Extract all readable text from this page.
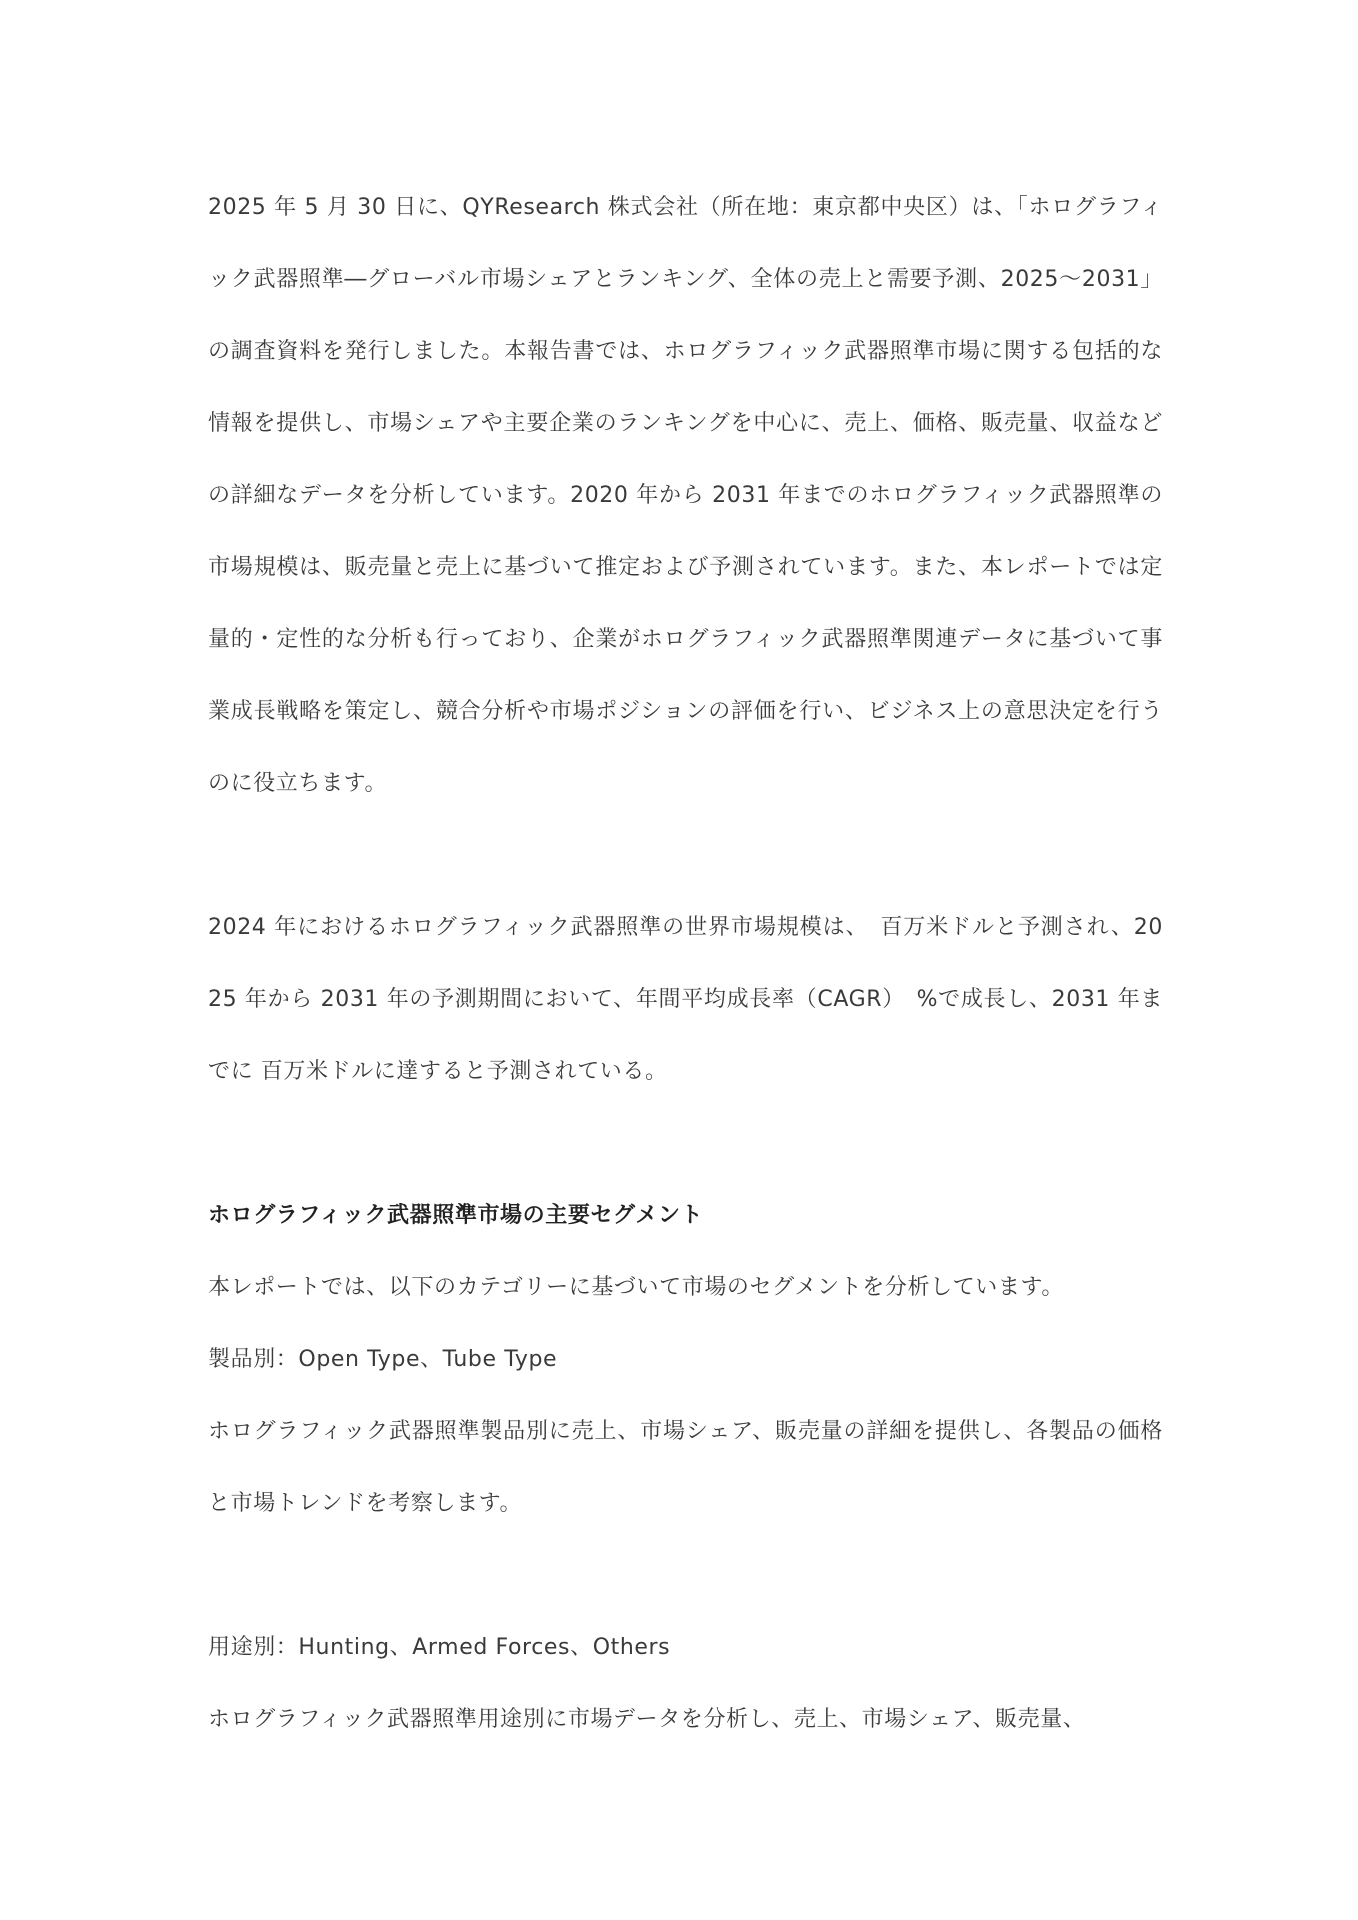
2025 年 5 月 30 日に、QYResearch 株式会社（所在地：東京都中央区）は、「ホログラフィック武器照準―グローバル市場シェアとランキング、全体の売上と需要予測、2025～2031」の調査資料を発行しました。本報告書では、ホログラフィック武器照準市場に関する包括的な情報を提供し、市場シェアや主要企業のランキングを中心に、売上、価格、販売量、収益などの詳細なデータを分析しています。2020 年から 2031 年までのホログラフィック武器照準の市場規模は、販売量と売上に基づいて推定および予測されています。また、本レポートでは定量的・定性的な分析も行っており、企業がホログラフィック武器照準関連データに基づいて事業成長戦略を策定し、競合分析や市場ポジションの評価を行い、ビジネス上の意思決定を行うのに役立ちます。

2024 年におけるホログラフィック武器照準の世界市場規模は、　百万米ドルと予測され、2025 年から 2031 年の予測期間において、年間平均成長率（CAGR）　%で成長し、2031 年までに 百万米ドルに達すると予測されている。

ホログラフィック武器照準市場の主要セグメント

本レポートでは、以下のカテゴリーに基づいて市場のセグメントを分析しています。

製品別：Open Type、Tube Type

ホログラフィック武器照準製品別に売上、市場シェア、販売量の詳細を提供し、各製品の価格と市場トレンドを考察します。

用途別：Hunting、Armed Forces、Others

ホログラフィック武器照準用途別に市場データを分析し、売上、市場シェア、販売量、
